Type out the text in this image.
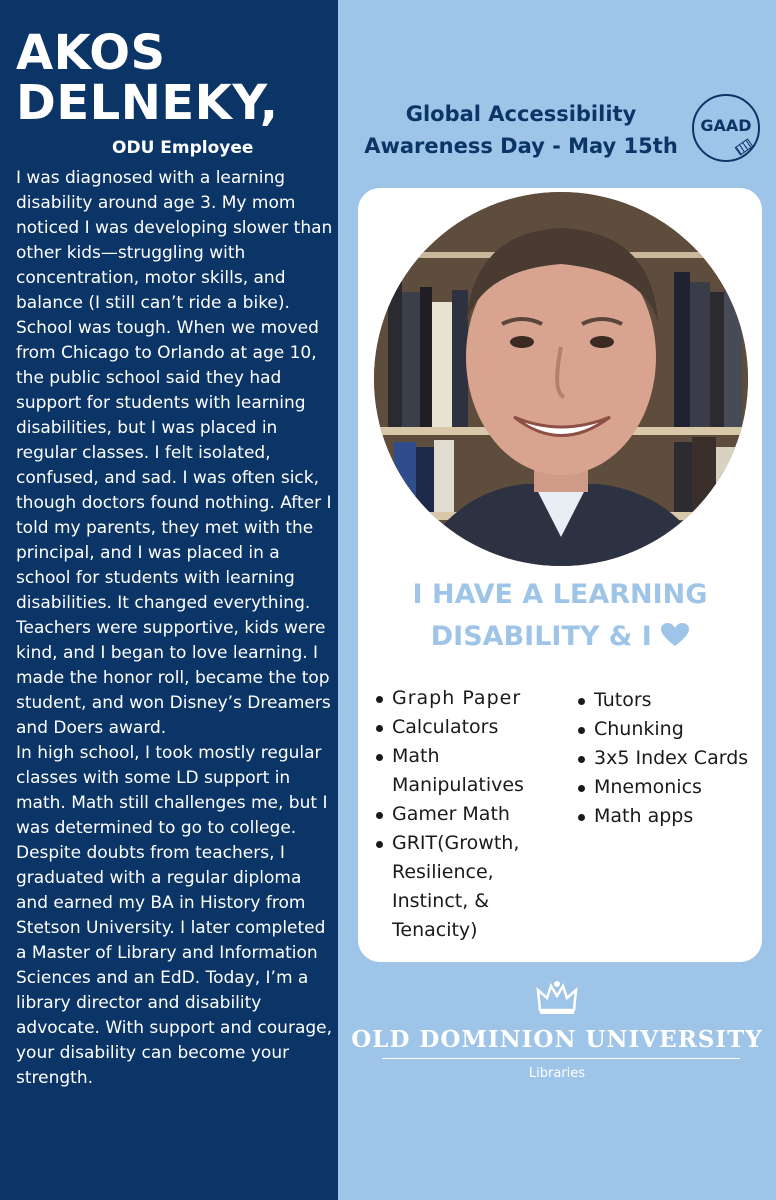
AKOS
DELNEKY,
ODU Employee

I was diagnosed with a learning disability around age 3. My mom noticed I was developing slower than other kids—struggling with concentration, motor skills, and balance (I still can’t ride a bike). School was tough. When we moved from Chicago to Orlando at age 10, the public school said they had support for students with learning disabilities, but I was placed in regular classes. I felt isolated, confused, and sad. I was often sick, though doctors found nothing. After I told my parents, they met with the principal, and I was placed in a school for students with learning disabilities. It changed everything. Teachers were supportive, kids were kind, and I began to love learning. I made the honor roll, became the top student, and won Disney’s Dreamers and Doers award.

In high school, I took mostly regular classes with some LD support in math. Math still challenges me, but I was determined to go to college. Despite doubts from teachers, I graduated with a regular diploma and earned my BA in History from Stetson University. I later completed a Master of Library and Information Sciences and an EdD. Today, I’m a library director and disability advocate. With support and courage, your disability can become your strength.

Global Accessibility
Awareness Day - May 15th
GAAD
I HAVE A LEARNING
DISABILITY & I
Graph Paper
Calculators
Math Manipulatives
Gamer Math
GRIT(Growth, Resilience, Instinct, & Tenacity)
Tutors
Chunking
3x5 Index Cards
Mnemonics
Math apps
OLD DOMINION UNIVERSITY
Libraries
